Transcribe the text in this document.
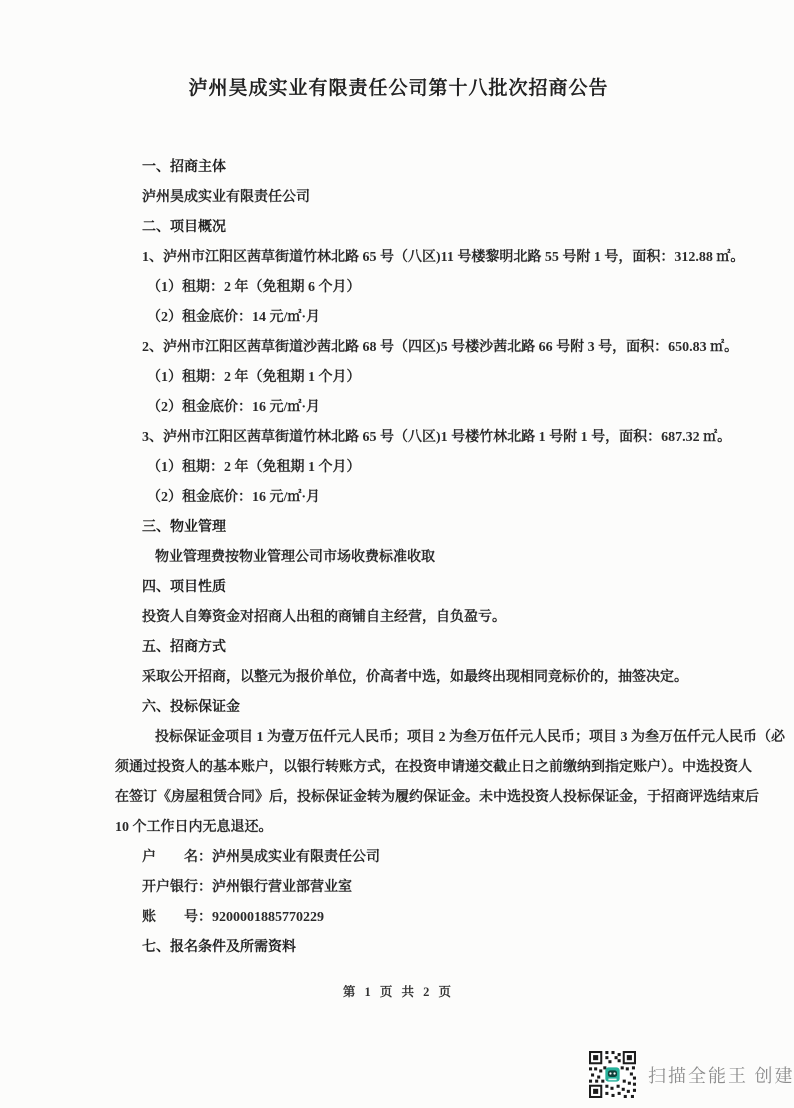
泸州昊成实业有限责任公司第十八批次招商公告
一、招商主体
泸州昊成实业有限责任公司
二、项目概况
1、泸州市江阳区茜草街道竹林北路 65 号（八区)11 号楼黎明北路 55 号附 1 号，面积：312.88 ㎡。
（1）租期：2 年（免租期 6 个月）
（2）租金底价：14 元/㎡·月
2、泸州市江阳区茜草街道沙茜北路 68 号（四区)5 号楼沙茜北路 66 号附 3 号，面积：650.83 ㎡。
（1）租期：2 年（免租期 1 个月）
（2）租金底价：16 元/㎡·月
3、泸州市江阳区茜草街道竹林北路 65 号（八区)1 号楼竹林北路 1 号附 1 号，面积：687.32 ㎡。
（1）租期：2 年（免租期 1 个月）
（2）租金底价：16 元/㎡·月
三、物业管理
物业管理费按物业管理公司市场收费标准收取
四、项目性质
投资人自筹资金对招商人出租的商铺自主经营，自负盈亏。
五、招商方式
采取公开招商，以整元为报价单位，价高者中选，如最终出现相同竞标价的，抽签决定。
六、投标保证金
投标保证金项目 1 为壹万伍仟元人民币；项目 2 为叁万伍仟元人民币；项目 3 为叁万伍仟元人民币（必
须通过投资人的基本账户，以银行转账方式，在投资申请递交截止日之前缴纳到指定账户）。中选投资人
在签订《房屋租赁合同》后，投标保证金转为履约保证金。未中选投资人投标保证金，于招商评选结束后
10 个工作日内无息退还。
户　　名：泸州昊成实业有限责任公司
开户银行：泸州银行营业部营业室
账　　号：9200001885770229
七、报名条件及所需资料
第 1 页 共 2 页
扫描全能王 创建
